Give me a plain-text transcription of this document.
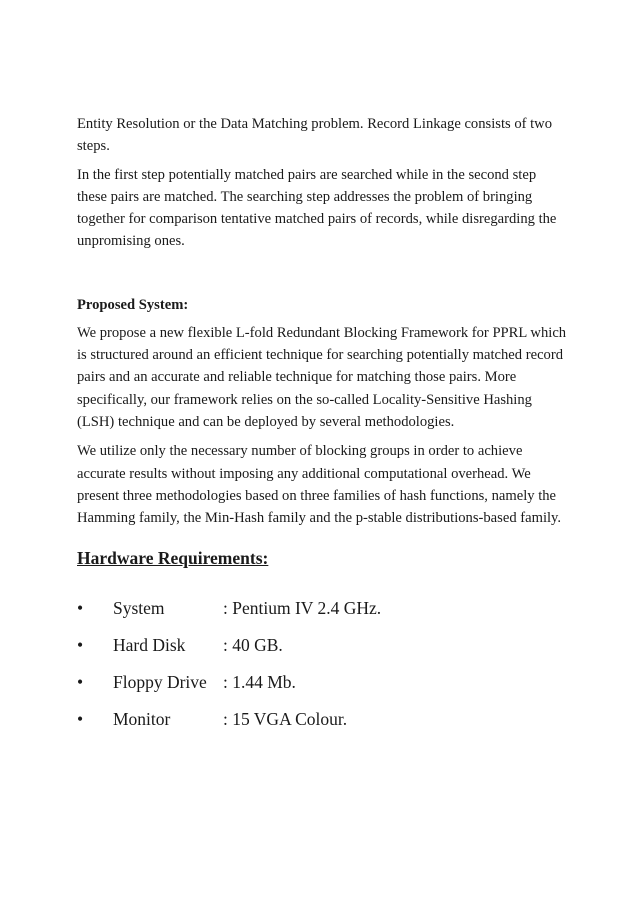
Entity Resolution or the Data Matching problem. Record Linkage consists of two steps.

In the first step potentially matched pairs are searched while in the second step these pairs are matched. The searching step addresses the problem of bringing together for comparison tentative matched pairs of records, while disregarding the unpromising ones.

Proposed System:

We propose a new flexible L-fold Redundant Blocking Framework for PPRL which is structured around an efficient technique for searching potentially matched record pairs and an accurate and reliable technique for matching those pairs. More specifically, our framework relies on the so-called Locality-Sensitive Hashing (LSH) technique and can be deployed by several methodologies.

We utilize only the necessary number of blocking groups in order to achieve accurate results without imposing any additional computational overhead. We present three methodologies based on three families of hash functions, namely the Hamming family, the Min-Hash family and the p-stable distributions-based family.

Hardware Requirements:
•	System	: Pentium IV 2.4 GHz.
•	Hard Disk	: 40 GB.
•	Floppy Drive : 1.44 Mb.
•	Monitor	: 15 VGA Colour.
